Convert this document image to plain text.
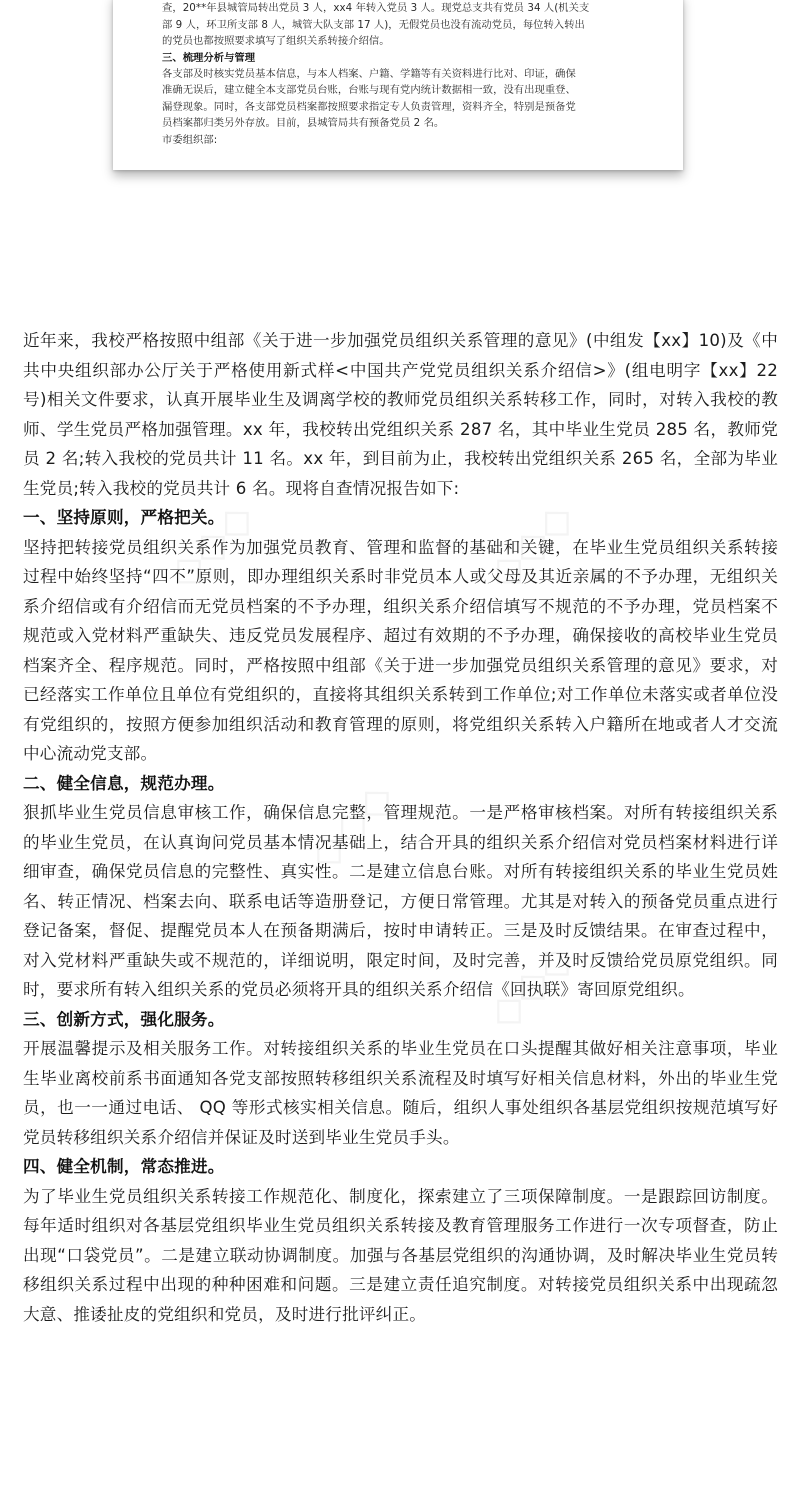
查，20**年县城管局转出党员 3 人，xx4 年转入党员 3 人。现党总支共有党员 34 人(机关支

部 9 人，环卫所支部 8 人，城管大队支部 17 人)，无假党员也没有流动党员，每位转入转出

的党员也都按照要求填写了组织关系转接介绍信。

三、梳理分析与管理

各支部及时核实党员基本信息，与本人档案、户籍、学籍等有关资料进行比对、印证，确保

准确无误后，建立健全本支部党员台账，台账与现有党内统计数据相一致，没有出现重登、

漏登现象。同时，各支部党员档案都按照要求指定专人负责管理，资料齐全，特别是预备党

员档案都归类另外存放。目前，县城管局共有预备党员 2 名。

市委组织部:

近年来，我校严格按照中组部《关于进一步加强党员组织关系管理的意见》(中组发【xx】10)及《中共中央组织部办公厅关于严格使用新式样<中国共产党党员组织关系介绍信>》(组电明字【xx】22 号)相关文件要求，认真开展毕业生及调离学校的教师党员组织关系转移工作，同时，对转入我校的教师、学生党员严格加强管理。xx 年，我校转出党组织关系 287 名，其中毕业生党员 285 名，教师党员 2 名;转入我校的党员共计 11 名。xx 年，到目前为止，我校转出党组织关系 265 名，全部为毕业生党员;转入我校的党员共计 6 名。现将自查情况报告如下:

一、坚持原则，严格把关。

坚持把转接党员组织关系作为加强党员教育、管理和监督的基础和关键，在毕业生党员组织关系转接过程中始终坚持“四不”原则，即办理组织关系时非党员本人或父母及其近亲属的不予办理，无组织关系介绍信或有介绍信而无党员档案的不予办理，组织关系介绍信填写不规范的不予办理，党员档案不规范或入党材料严重缺失、违反党员发展程序、超过有效期的不予办理，确保接收的高校毕业生党员档案齐全、程序规范。同时，严格按照中组部《关于进一步加强党员组织关系管理的意见》要求，对已经落实工作单位且单位有党组织的，直接将其组织关系转到工作单位;对工作单位未落实或者单位没有党组织的，按照方便参加组织活动和教育管理的原则，将党组织关系转入户籍所在地或者人才交流中心流动党支部。

二、健全信息，规范办理。

狠抓毕业生党员信息审核工作，确保信息完整，管理规范。一是严格审核档案。对所有转接组织关系的毕业生党员，在认真询问党员基本情况基础上，结合开具的组织关系介绍信对党员档案材料进行详细审查，确保党员信息的完整性、真实性。二是建立信息台账。对所有转接组织关系的毕业生党员姓名、转正情况、档案去向、联系电话等造册登记，方便日常管理。尤其是对转入的预备党员重点进行登记备案，督促、提醒党员本人在预备期满后，按时申请转正。三是及时反馈结果。在审查过程中，对入党材料严重缺失或不规范的，详细说明，限定时间，及时完善，并及时反馈给党员原党组织。同时，要求所有转入组织关系的党员必须将开具的组织关系介绍信《回执联》寄回原党组织。

三、创新方式，强化服务。

开展温馨提示及相关服务工作。对转接组织关系的毕业生党员在口头提醒其做好相关注意事项，毕业生毕业离校前系书面通知各党支部按照转移组织关系流程及时填写好相关信息材料，外出的毕业生党员，也一一通过电话、 QQ 等形式核实相关信息。随后，组织人事处组织各基层党组织按规范填写好党员转移组织关系介绍信并保证及时送到毕业生党员手头。

四、健全机制，常态推进。

为了毕业生党员组织关系转接工作规范化、制度化，探索建立了三项保障制度。一是跟踪回访制度。每年适时组织对各基层党组织毕业生党员组织关系转接及教育管理服务工作进行一次专项督查，防止出现“口袋党员”。二是建立联动协调制度。加强与各基层党组织的沟通协调，及时解决毕业生党员转移组织关系过程中出现的种种困难和问题。三是建立责任追究制度。对转接党员组织关系中出现疏忽大意、推诿扯皮的党组织和党员，及时进行批评纠正。
